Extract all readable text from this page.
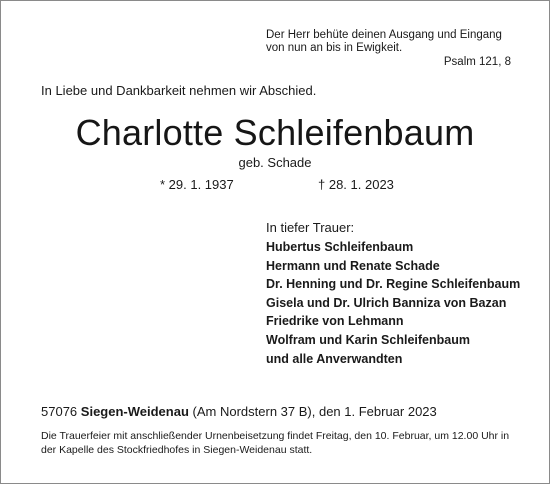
Der Herr behüte deinen Ausgang und Eingang
von nun an bis in Ewigkeit.
Psalm 121, 8
In Liebe und Dankbarkeit nehmen wir Abschied.
Charlotte Schleifenbaum
geb. Schade
* 29. 1. 1937	† 28. 1. 2023
In tiefer Trauer:
Hubertus Schleifenbaum
Hermann und Renate Schade
Dr. Henning und Dr. Regine Schleifenbaum
Gisela und Dr. Ulrich Banniza von Bazan
Friedrike von Lehmann
Wolfram und Karin Schleifenbaum
und alle Anverwandten
57076 Siegen-Weidenau (Am Nordstern 37 B), den 1. Februar 2023
Die Trauerfeier mit anschließender Urnenbeisetzung findet Freitag, den 10. Februar, um 12.00 Uhr in
der Kapelle des Stockfriedhofes in Siegen-Weidenau statt.
